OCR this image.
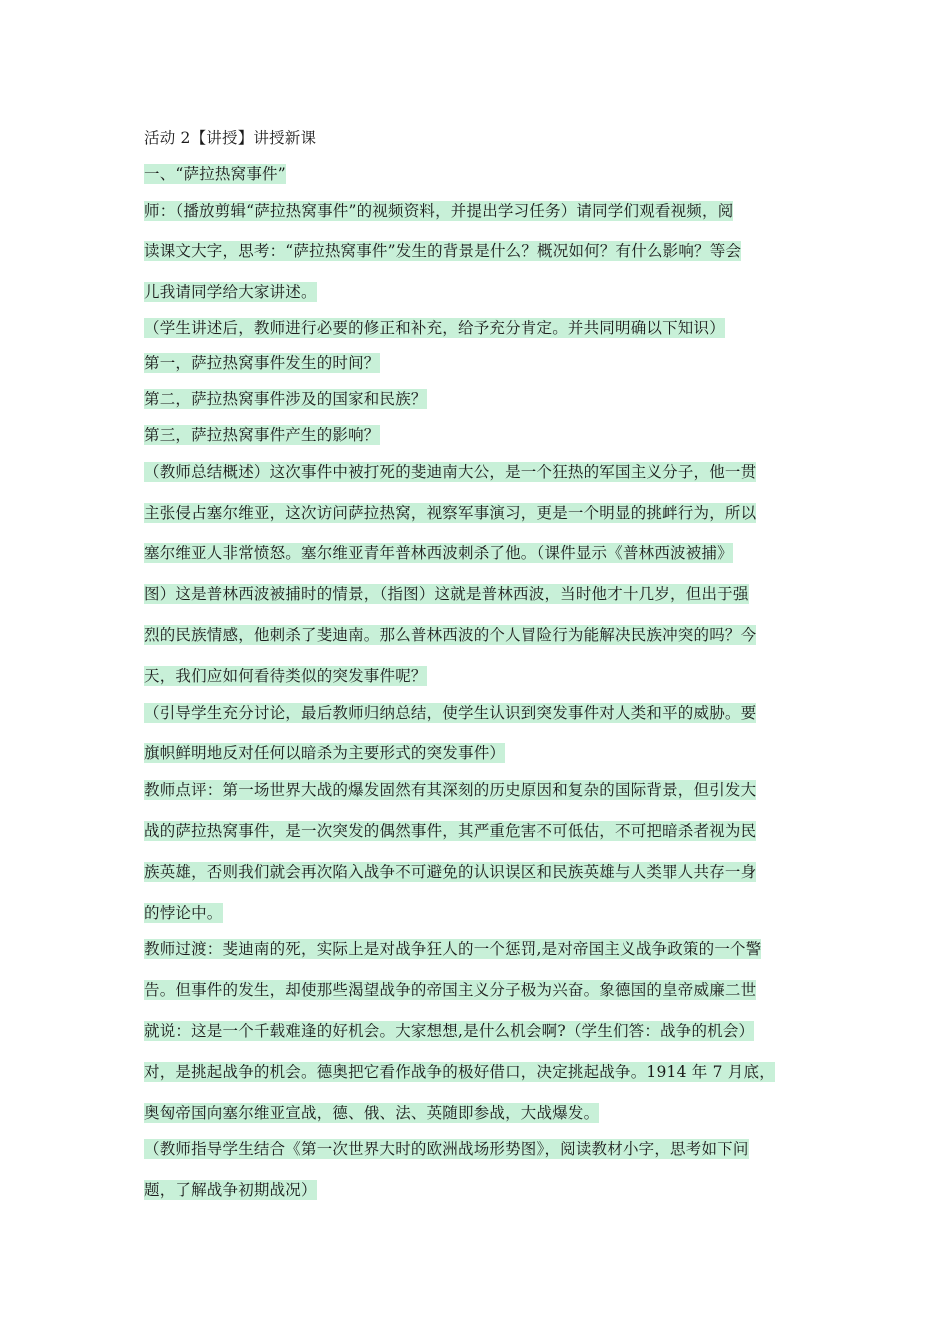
活动 2【讲授】讲授新课
一、“萨拉热窝事件”
师：（播放剪辑“萨拉热窝事件”的视频资料，并提出学习任务）请同学们观看视频，阅
读课文大字，思考：“萨拉热窝事件”发生的背景是什么？概况如何？有什么影响？等会
儿我请同学给大家讲述。
（学生讲述后，教师进行必要的修正和补充，给予充分肯定。并共同明确以下知识）
第一，萨拉热窝事件发生的时间？
第二，萨拉热窝事件涉及的国家和民族？
第三，萨拉热窝事件产生的影响？
（教师总结概述）这次事件中被打死的斐迪南大公，是一个狂热的军国主义分子，他一贯
主张侵占塞尔维亚，这次访问萨拉热窝，视察军事演习，更是一个明显的挑衅行为，所以
塞尔维亚人非常愤怒。塞尔维亚青年普林西波刺杀了他。（课件显示《普林西波被捕》
图）这是普林西波被捕时的情景，（指图）这就是普林西波，当时他才十几岁，但出于强
烈的民族情感，他刺杀了斐迪南。那么普林西波的个人冒险行为能解决民族冲突的吗？今
天，我们应如何看待类似的突发事件呢？
（引导学生充分讨论，最后教师归纳总结，使学生认识到突发事件对人类和平的威胁。要
旗帜鲜明地反对任何以暗杀为主要形式的突发事件）
教师点评：第一场世界大战的爆发固然有其深刻的历史原因和复杂的国际背景，但引发大
战的萨拉热窝事件，是一次突发的偶然事件，其严重危害不可低估，不可把暗杀者视为民
族英雄，否则我们就会再次陷入战争不可避免的认识误区和民族英雄与人类罪人共存一身
的悖论中。
教师过渡：斐迪南的死，实际上是对战争狂人的一个惩罚,是对帝国主义战争政策的一个警
告。但事件的发生，却使那些渴望战争的帝国主义分子极为兴奋。象德国的皇帝威廉二世
就说：这是一个千载难逢的好机会。大家想想,是什么机会啊?（学生们答：战争的机会）
对，是挑起战争的机会。德奥把它看作战争的极好借口，决定挑起战争。1914 年 7 月底，
奥匈帝国向塞尔维亚宣战，德、俄、法、英随即参战，大战爆发。
（教师指导学生结合《第一次世界大时的欧洲战场形势图》，阅读教材小字，思考如下问
题，了解战争初期战况）
